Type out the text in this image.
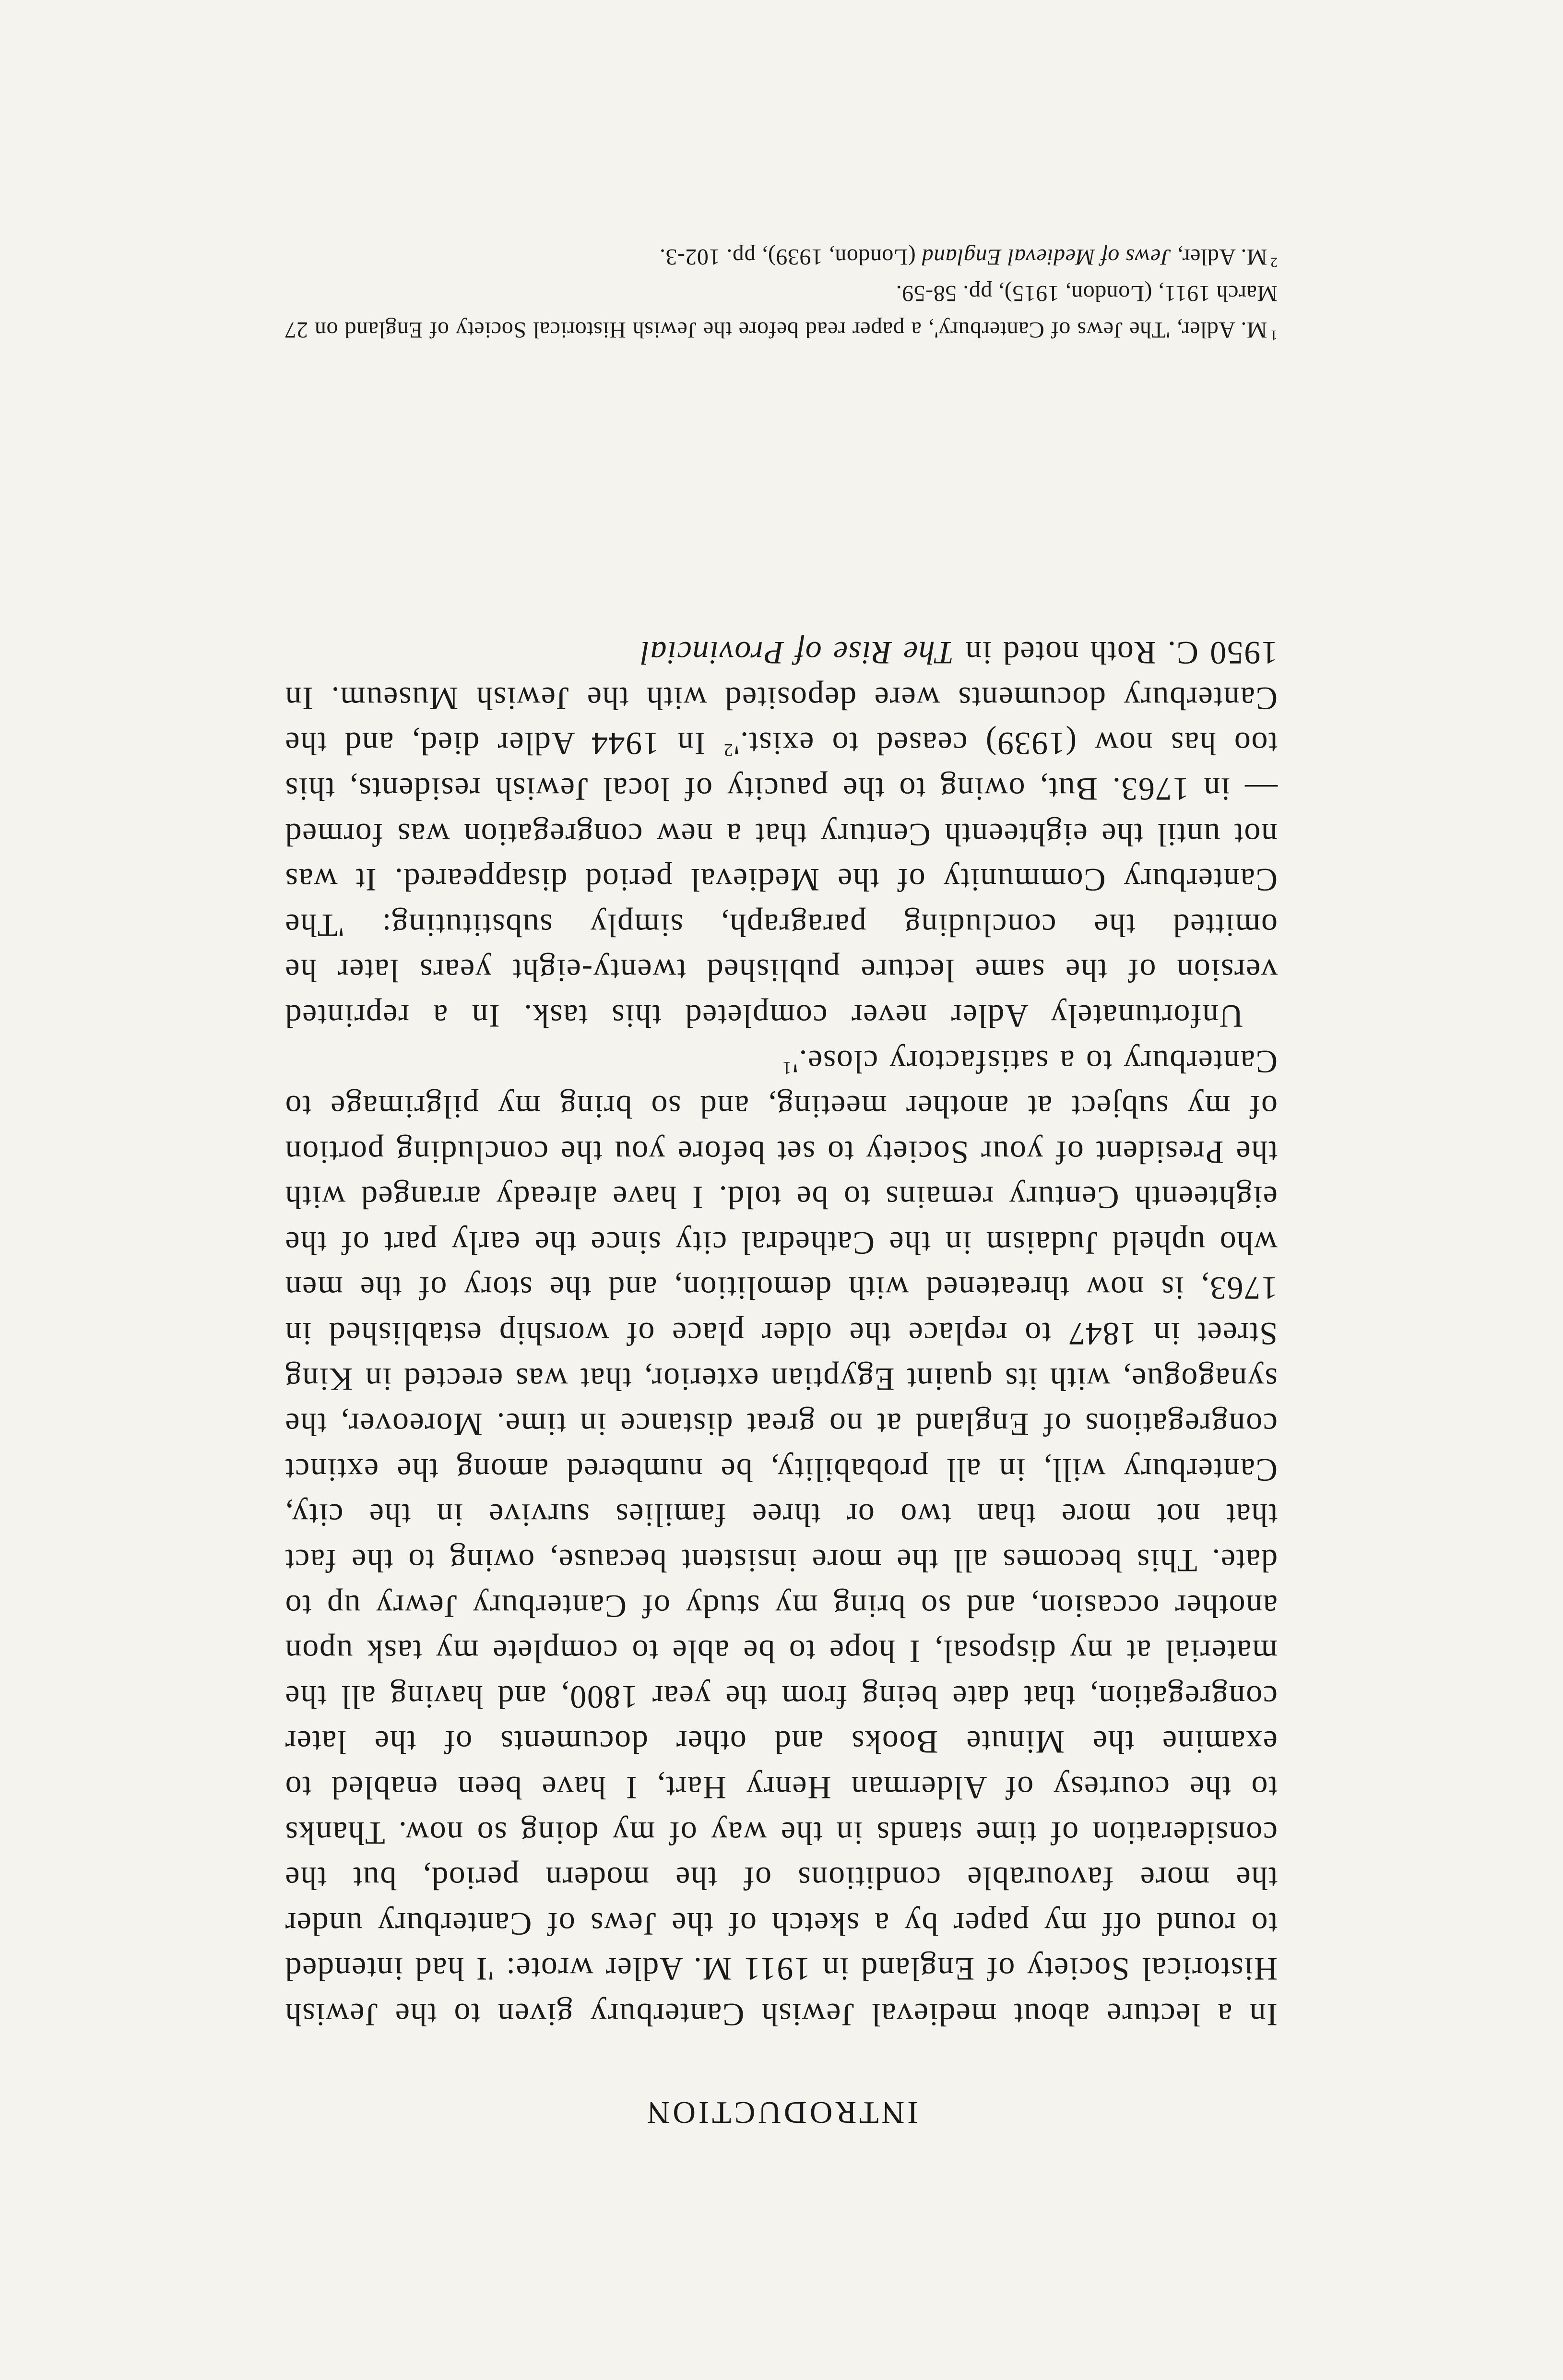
INTRODUCTION

In a lecture about medieval Jewish Canterbury given to the Jewish Historical Society of England in 1911 M. Adler wrote: 'I had intended to round off my paper by a sketch of the Jews of Canterbury under the more favourable conditions of the modern period, but the consideration of time stands in the way of my doing so now. Thanks to the courtesy of Alderman Henry Hart, I have been enabled to examine the Minute Books and other documents of the later congregation, that date being from the year 1800, and having all the material at my disposal, I hope to be able to complete my task upon another occasion, and so bring my study of Canterbury Jewry up to date. This becomes all the more insistent because, owing to the fact that not more than two or three families survive in the city, Canterbury will, in all probability, be numbered among the extinct congregations of England at no great distance in time. Moreover, the synagogue, with its quaint Egyptian exterior, that was erected in King Street in 1847 to replace the older place of worship established in 1763, is now threatened with demolition, and the story of the men who upheld Judaism in the Cathedral city since the early part of the eighteenth Century remains to be told. I have already arranged with the President of your Society to set before you the concluding portion of my subject at another meeting, and so bring my pilgrimage to Canterbury to a satisfactory close.'$^1$

Unfortunately Adler never completed this task. In a reprinted version of the same lecture published twenty-eight years later he omitted the concluding paragraph, simply substituting: 'The Canterbury Community of the Medieval period disappeared. It was not until the eighteenth Century that a new congregation was formed — in 1763. But, owing to the paucity of local Jewish residents, this too has now (1939) ceased to exist.'$^2$ In 1944 Adler died, and the Canterbury documents were deposited with the Jewish Museum. In 1950 C. Roth noted in The Rise of Provincial

$^1$M. Adler, 'The Jews of Canterbury', a paper read before the Jewish Historical Society of England on 27 March 1911, (London, 1915), pp. 58-59.

$^2$M. Adler, Jews of Medieval England (London, 1939), pp. 102-3.
